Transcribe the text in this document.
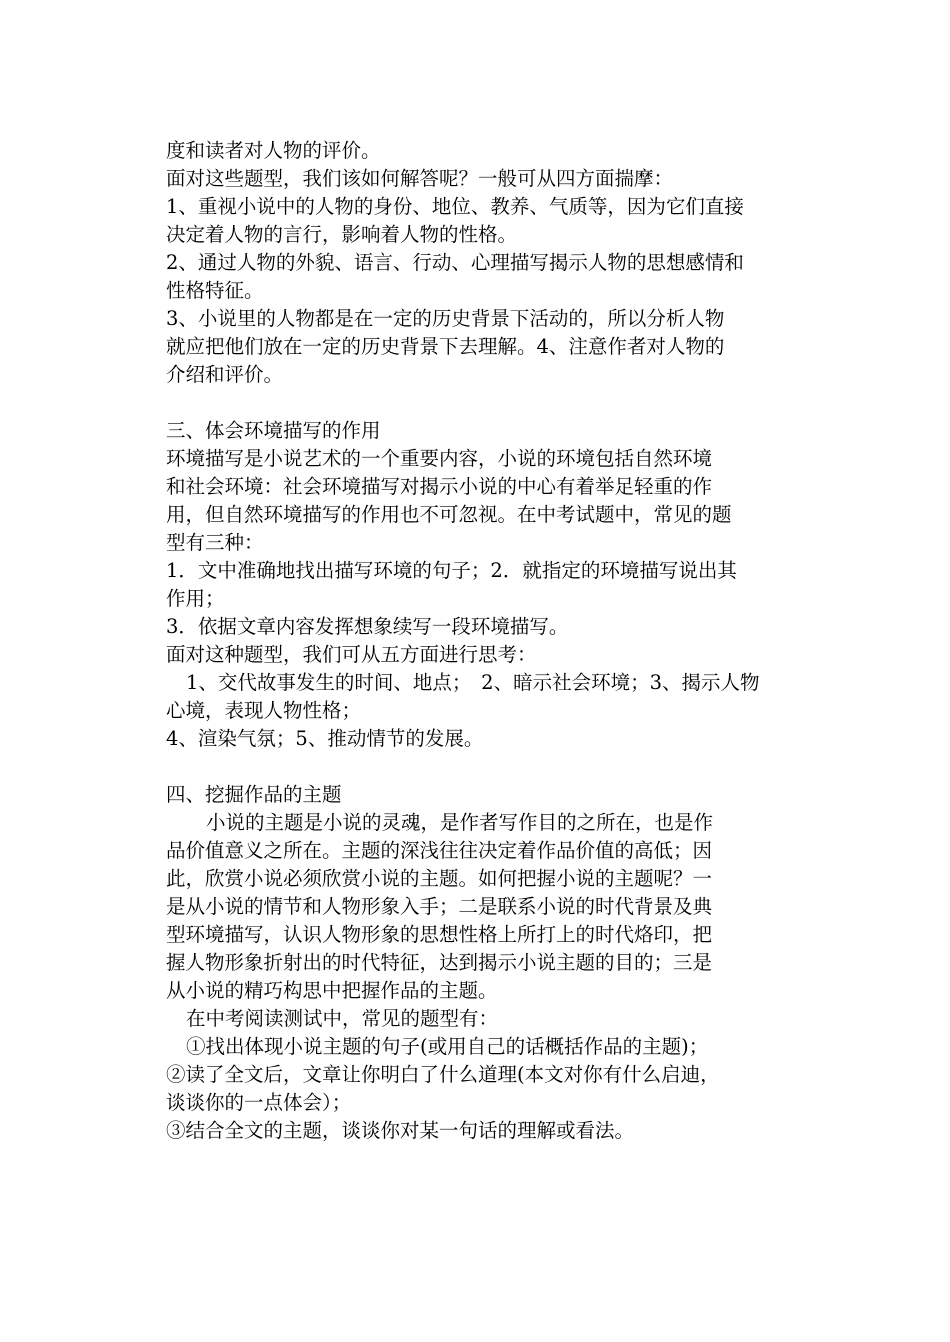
度和读者对人物的评价。
面对这些题型，我们该如何解答呢？一般可从四方面揣摩：
1、重视小说中的人物的身份、地位、教养、气质等，因为它们直接
决定着人物的言行，影响着人物的性格。
2、通过人物的外貌、语言、行动、心理描写揭示人物的思想感情和
性格特征。
3、小说里的人物都是在一定的历史背景下活动的，所以分析人物
就应把他们放在一定的历史背景下去理解。4、注意作者对人物的
介绍和评价。
三、体会环境描写的作用
环境描写是小说艺术的一个重要内容，小说的环境包括自然环境
和社会环境：社会环境描写对揭示小说的中心有着举足轻重的作
用，但自然环境描写的作用也不可忽视。在中考试题中，常见的题
型有三种：
1．文中准确地找出描写环境的句子；2．就指定的环境描写说出其
作用；
3．依据文章内容发挥想象续写一段环境描写。
面对这种题型，我们可从五方面进行思考：
1、交代故事发生的时间、地点；　2、暗示社会环境；3、揭示人物
心境，表现人物性格；
4、渲染气氛；5、推动情节的发展。
四、挖掘作品的主题
小说的主题是小说的灵魂，是作者写作目的之所在，也是作
品价值意义之所在。主题的深浅往往决定着作品价值的高低；因
此，欣赏小说必须欣赏小说的主题。如何把握小说的主题呢？一
是从小说的情节和人物形象入手；二是联系小说的时代背景及典
型环境描写，认识人物形象的思想性格上所打上的时代烙印，把
握人物形象折射出的时代特征，达到揭示小说主题的目的；三是
从小说的精巧构思中把握作品的主题。
在中考阅读测试中，常见的题型有：
①找出体现小说主题的句子(或用自己的话概括作品的主题)；
②读了全文后，文章让你明白了什么道理(本文对你有什么启迪，
谈谈你的一点体会）；
③结合全文的主题，谈谈你对某一句话的理解或看法。
